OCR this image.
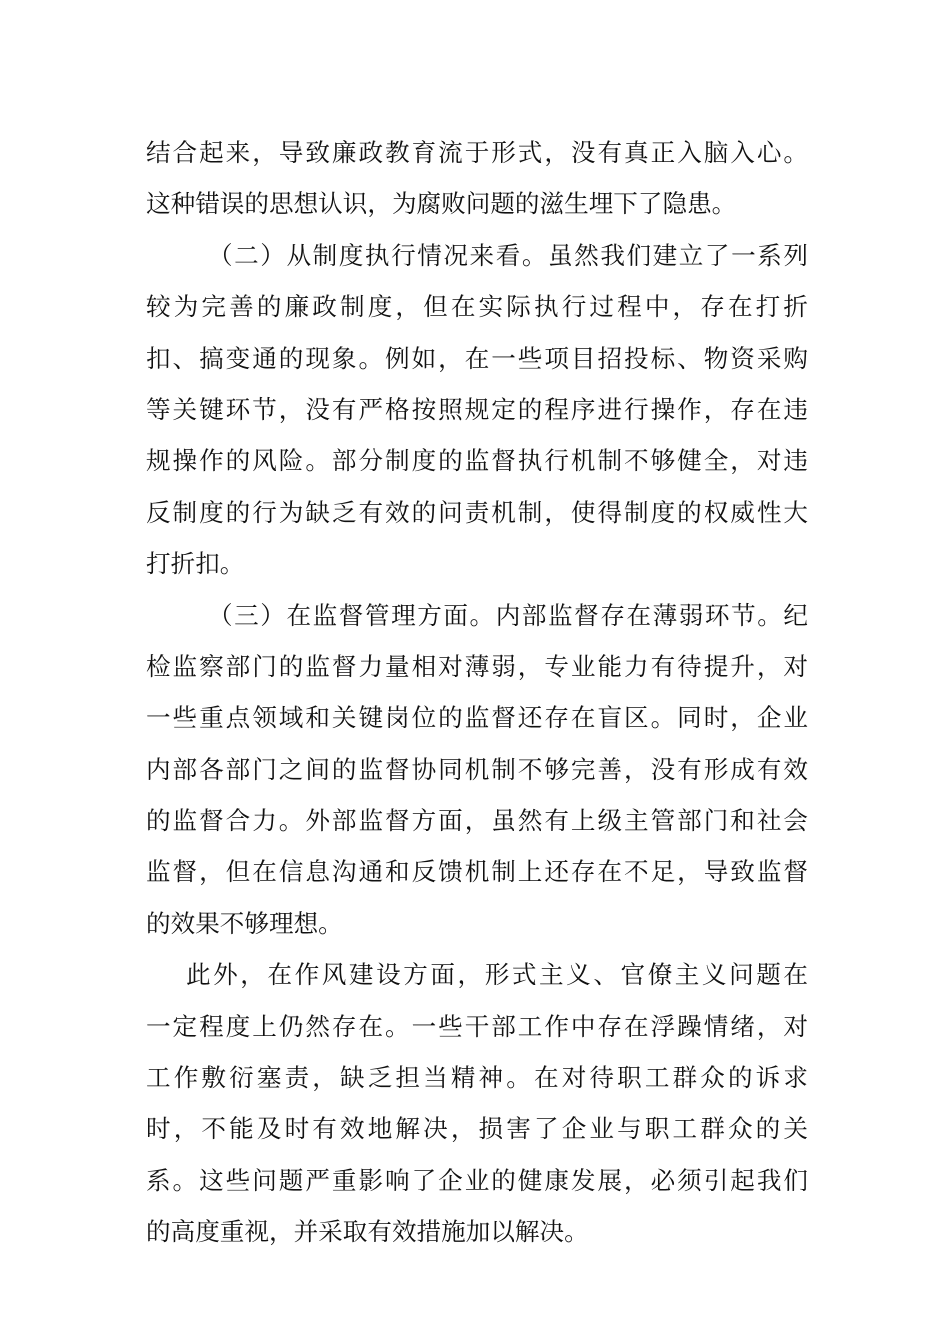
结合起来，导致廉政教育流于形式，没有真正入脑入心。
这种错误的思想认识，为腐败问题的滋生埋下了隐患。
（二）从制度执行情况来看。虽然我们建立了一系列
较为完善的廉政制度，但在实际执行过程中，存在打折
扣、搞变通的现象。例如，在一些项目招投标、物资采购
等关键环节，没有严格按照规定的程序进行操作，存在违
规操作的风险。部分制度的监督执行机制不够健全，对违
反制度的行为缺乏有效的问责机制，使得制度的权威性大
打折扣。
（三）在监督管理方面。内部监督存在薄弱环节。纪
检监察部门的监督力量相对薄弱，专业能力有待提升，对
一些重点领域和关键岗位的监督还存在盲区。同时，企业
内部各部门之间的监督协同机制不够完善，没有形成有效
的监督合力。外部监督方面，虽然有上级主管部门和社会
监督，但在信息沟通和反馈机制上还存在不足，导致监督
的效果不够理想。
此外，在作风建设方面，形式主义、官僚主义问题在
一定程度上仍然存在。一些干部工作中存在浮躁情绪，对
工作敷衍塞责，缺乏担当精神。在对待职工群众的诉求
时，不能及时有效地解决，损害了企业与职工群众的关
系。这些问题严重影响了企业的健康发展，必须引起我们
的高度重视，并采取有效措施加以解决。
